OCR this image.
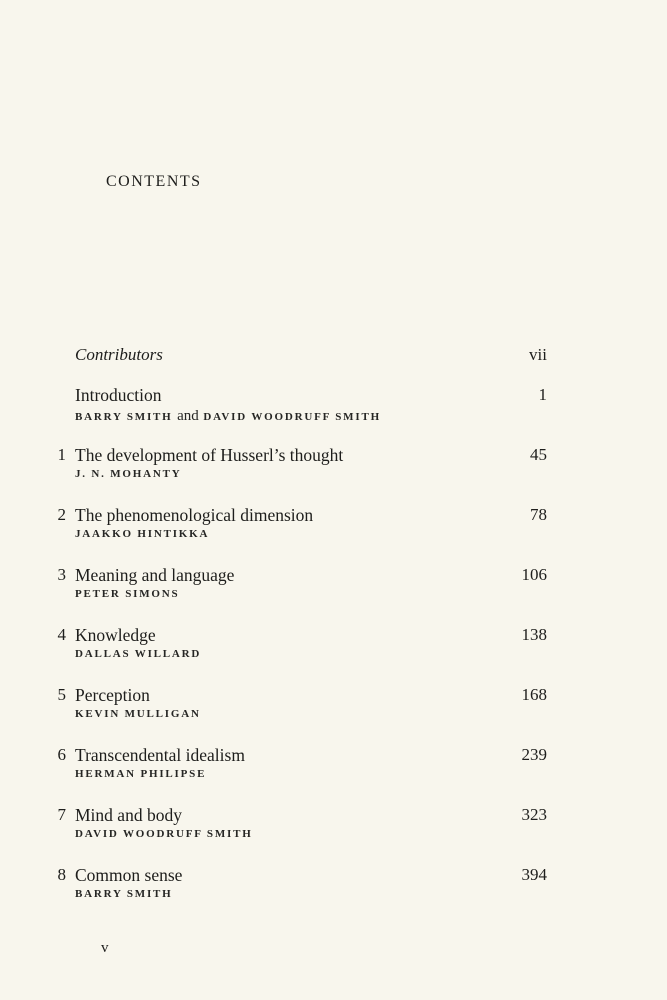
CONTENTS
Contributors	vii
Introduction	1
BARRY SMITH and DAVID WOODRUFF SMITH
1 The development of Husserl’s thought	45
J. N. MOHANTY
2 The phenomenological dimension	78
JAAKKO HINTIKKA
3 Meaning and language	106
PETER SIMONS
4 Knowledge	138
DALLAS WILLARD
5 Perception	168
KEVIN MULLIGAN
6 Transcendental idealism	239
HERMAN PHILIPSE
7 Mind and body	323
DAVID WOODRUFF SMITH
8 Common sense	394
BARRY SMITH
v
